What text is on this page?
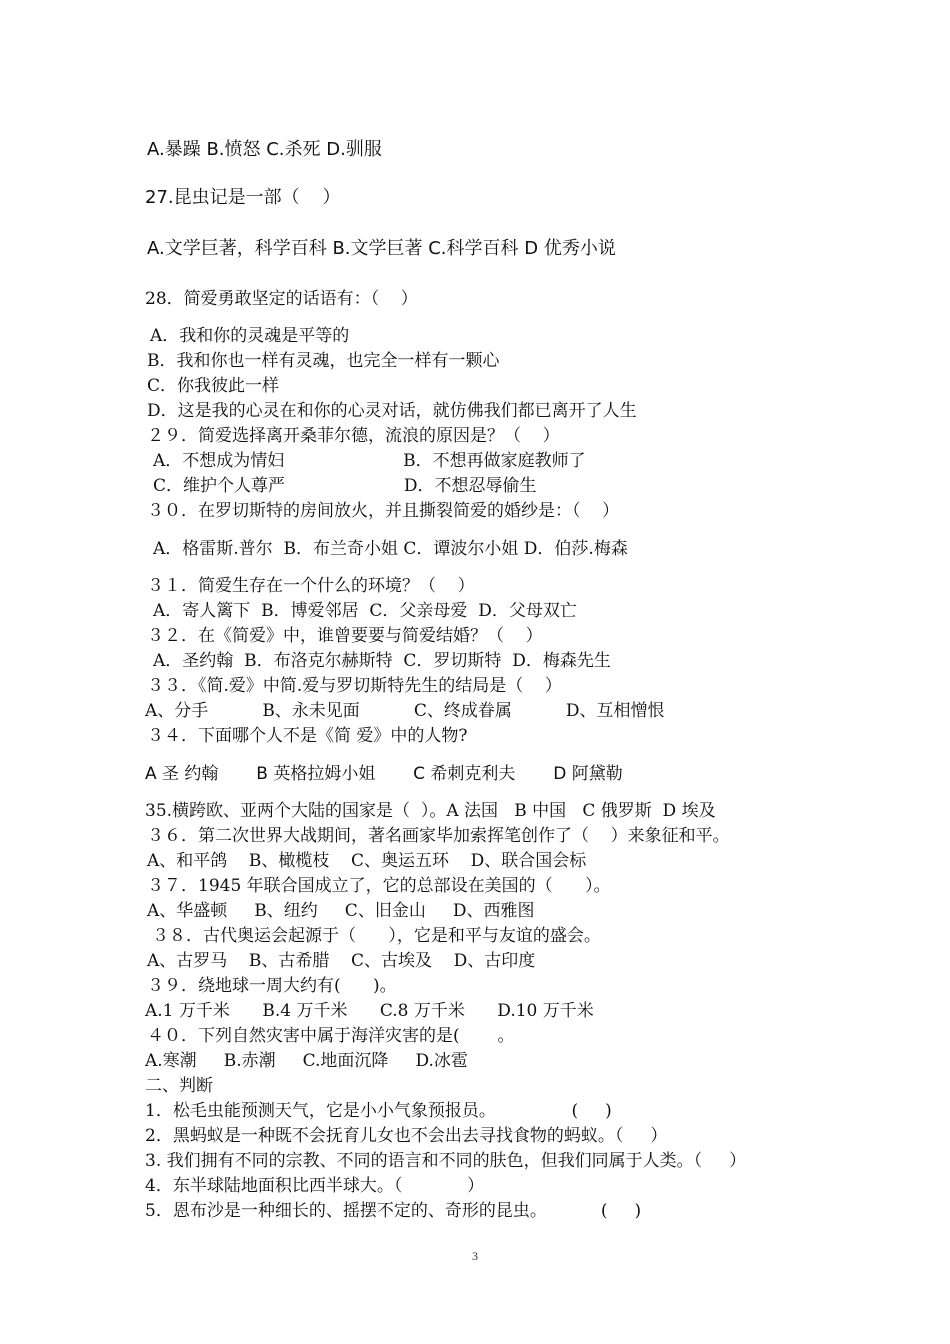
A.暴躁 B.愤怒 C.杀死 D.驯服
27.昆虫记是一部（    ）
A.文学巨著，科学百科 B.文学巨著 C.科学百科 D 优秀小说
28．简爱勇敢坚定的话语有：（    ）
A．我和你的灵魂是平等的
B．我和你也一样有灵魂，也完全一样有一颗心
C．你我彼此一样
D．这是我的心灵在和你的心灵对话，就仿佛我们都已离开了人生
２９．简爱选择离开桑菲尔德，流浪的原因是？（    ）
A．不想成为情妇                      B．不想再做家庭教师了
C．维护个人尊严                      D．不想忍辱偷生
３０．在罗切斯特的房间放火，并且撕裂简爱的婚纱是：（    ）
A．格雷斯.普尔  B．布兰奇小姐 C．谭波尔小姐 D．伯莎.梅森
３１．简爱生存在一个什么的环境？（    ）
A．寄人篱下  B．博爱邻居  C．父亲母爱  D．父母双亡
３２．在《简爱》中，谁曾要要与简爱结婚？（    ）
A．圣约翰  B．布洛克尔赫斯特  C．罗切斯特  D．梅森先生
３３．《简.爱》中简.爱与罗切斯特先生的结局是（    ）
A、分手          B、永未见面          C、终成眷属          D、互相憎恨
３４．下面哪个人不是《简 爱》中的人物?
A 圣 约翰       B 英格拉姆小姐       C 希刺克利夫       D 阿黛勒
35.横跨欧、亚两个大陆的国家是（  ）。A 法国   B 中国   C 俄罗斯  D 埃及
３６．第二次世界大战期间，著名画家毕加索挥笔创作了（    ）来象征和平。
A、和平鸽    B、橄榄枝    C、奥运五环    D、联合国会标
３７．1945 年联合国成立了，它的总部设在美国的（      ）。
A、华盛顿     B、纽约     C、旧金山     D、西雅图
３８．古代奥运会起源于（      ），它是和平与友谊的盛会。
A、古罗马    B、古希腊    C、古埃及    D、古印度
３９．绕地球一周大约有(      )。
A.1 万千米      B.4 万千米      C.8 万千米      D.10 万千米
４０．下列自然灾害中属于海洋灾害的是(       。
A.寒潮     B.赤潮     C.地面沉降     D.冰雹
二、判断
1．松毛虫能预测天气，它是小小气象预报员。              (     )
2．黑蚂蚁是一种既不会抚育儿女也不会出去寻找食物的蚂蚁。（     ）
3. 我们拥有不同的宗教、不同的语言和不同的肤色，但我们同属于人类。（     ）
4．东半球陆地面积比西半球大。（            ）
5．恩布沙是一种细长的、摇摆不定的、奇形的昆虫。          (     )
3
